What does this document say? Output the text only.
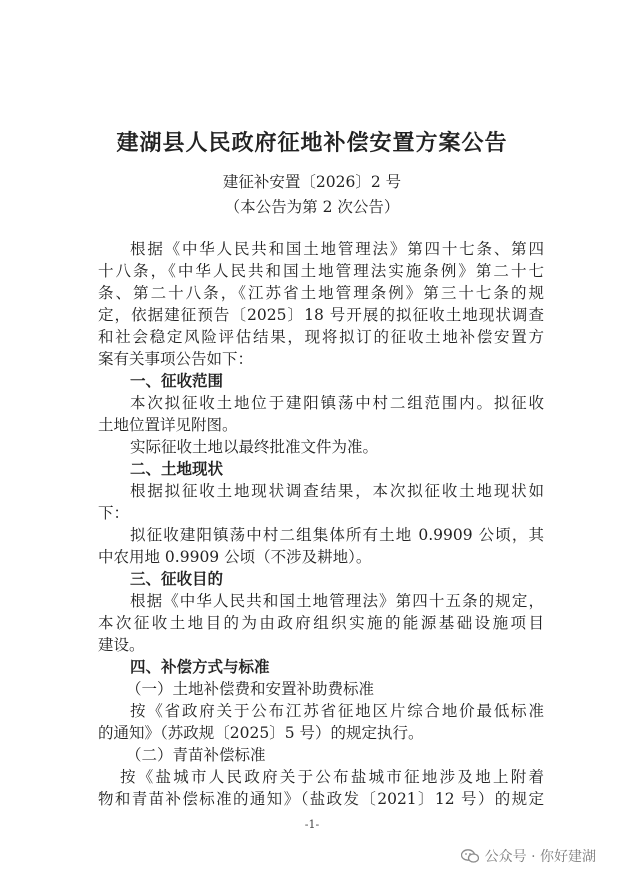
建湖县人民政府征地补偿安置方案公告
建征补安置〔2026〕2 号
（本公告为第 2 次公告）
根据《中华人民共和国土地管理法》第四十七条、第四
十八条，《中华人民共和国土地管理法实施条例》第二十七
条、第二十八条，《江苏省土地管理条例》第三十七条的规
定，依据建征预告〔2025〕18 号开展的拟征收土地现状调查
和社会稳定风险评估结果，现将拟订的征收土地补偿安置方
案有关事项公告如下：
一、征收范围
本次拟征收土地位于建阳镇荡中村二组范围内。拟征收
土地位置详见附图。
实际征收土地以最终批准文件为准。
二、土地现状
根据拟征收土地现状调查结果，本次拟征收土地现状如
下：
拟征收建阳镇荡中村二组集体所有土地 0.9909 公顷，其
中农用地 0.9909 公顷（不涉及耕地）。
三、征收目的
根据《中华人民共和国土地管理法》第四十五条的规定，
本次征收土地目的为由政府组织实施的能源基础设施项目
建设。
四、补偿方式与标准
（一）土地补偿费和安置补助费标准
按《省政府关于公布江苏省征地区片综合地价最低标准
的通知》（苏政规〔2025〕5 号）的规定执行。
（二）青苗补偿标准
按《盐城市人民政府关于公布盐城市征地涉及地上附着
物和青苗补偿标准的通知》（盐政发〔2021〕12 号）的规定
-1-
公众号 · 你好建湖
